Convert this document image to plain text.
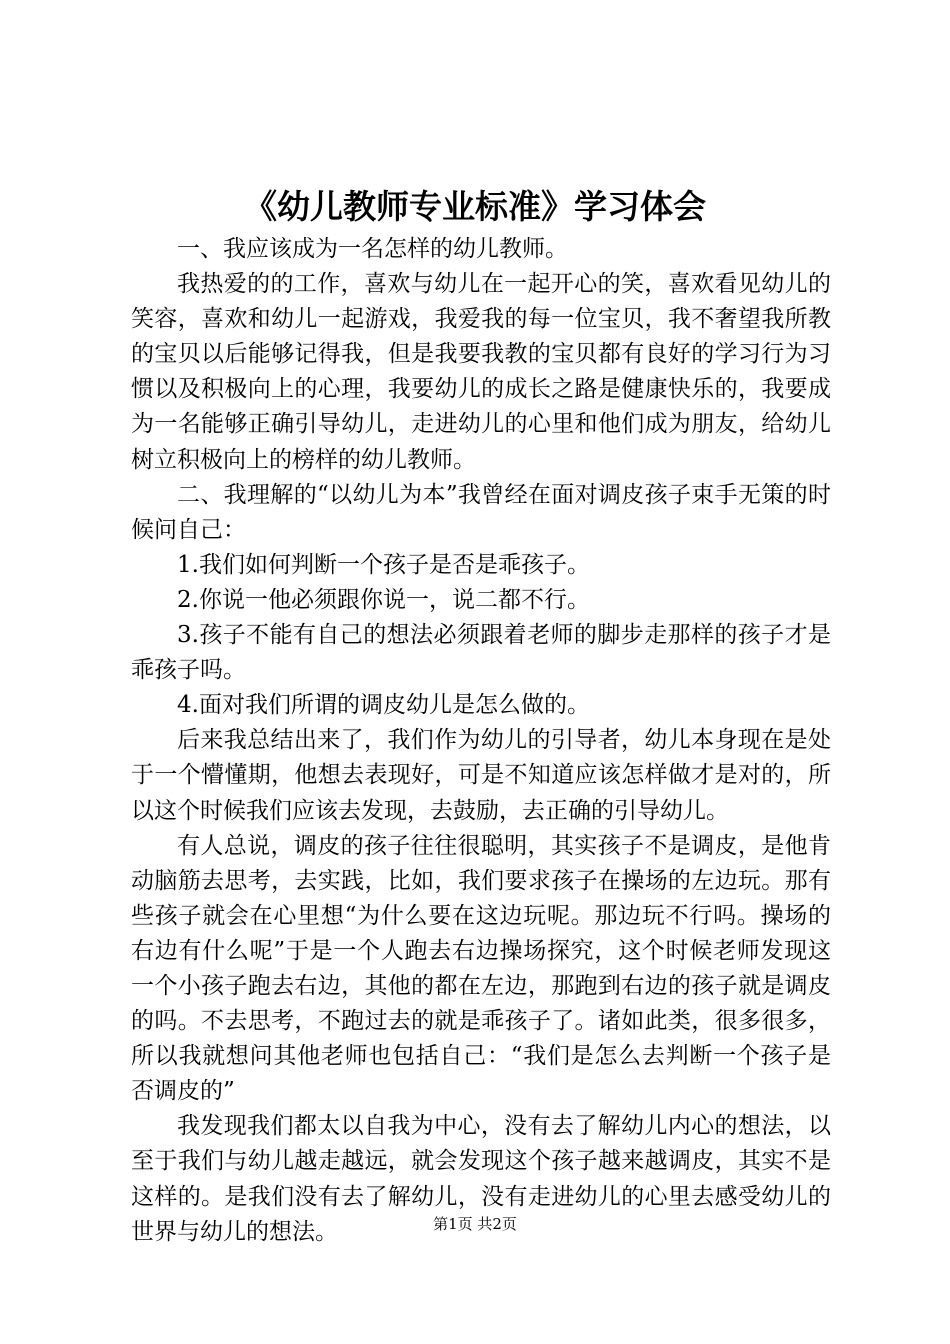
《幼儿教师专业标准》学习体会

一、我应该成为一名怎样的幼儿教师。

我热爱的的工作，喜欢与幼儿在一起开心的笑，喜欢看见幼儿的笑容，喜欢和幼儿一起游戏，我爱我的每一位宝贝，我不奢望我所教的宝贝以后能够记得我，但是我要我教的宝贝都有良好的学习行为习惯以及积极向上的心理，我要幼儿的成长之路是健康快乐的，我要成为一名能够正确引导幼儿，走进幼儿的心里和他们成为朋友，给幼儿树立积极向上的榜样的幼儿教师。

二、我理解的“以幼儿为本”我曾经在面对调皮孩子束手无策的时候问自己：

1.我们如何判断一个孩子是否是乖孩子。

2.你说一他必须跟你说一，说二都不行。

3.孩子不能有自己的想法必须跟着老师的脚步走那样的孩子才是乖孩子吗。

4.面对我们所谓的调皮幼儿是怎么做的。

后来我总结出来了，我们作为幼儿的引导者，幼儿本身现在是处于一个懵懂期，他想去表现好，可是不知道应该怎样做才是对的，所以这个时候我们应该去发现，去鼓励，去正确的引导幼儿。

有人总说，调皮的孩子往往很聪明，其实孩子不是调皮，是他肯动脑筋去思考，去实践，比如，我们要求孩子在操场的左边玩。那有些孩子就会在心里想“为什么要在这边玩呢。那边玩不行吗。操场的右边有什么呢”于是一个人跑去右边操场探究，这个时候老师发现这一个小孩子跑去右边，其他的都在左边，那跑到右边的孩子就是调皮的吗。不去思考，不跑过去的就是乖孩子了。诸如此类，很多很多，所以我就想问其他老师也包括自己：“我们是怎么去判断一个孩子是否调皮的”

我发现我们都太以自我为中心，没有去了解幼儿内心的想法，以至于我们与幼儿越走越远，就会发现这个孩子越来越调皮，其实不是这样的。是我们没有去了解幼儿，没有走进幼儿的心里去感受幼儿的世界与幼儿的想法。	第1页 共2页
